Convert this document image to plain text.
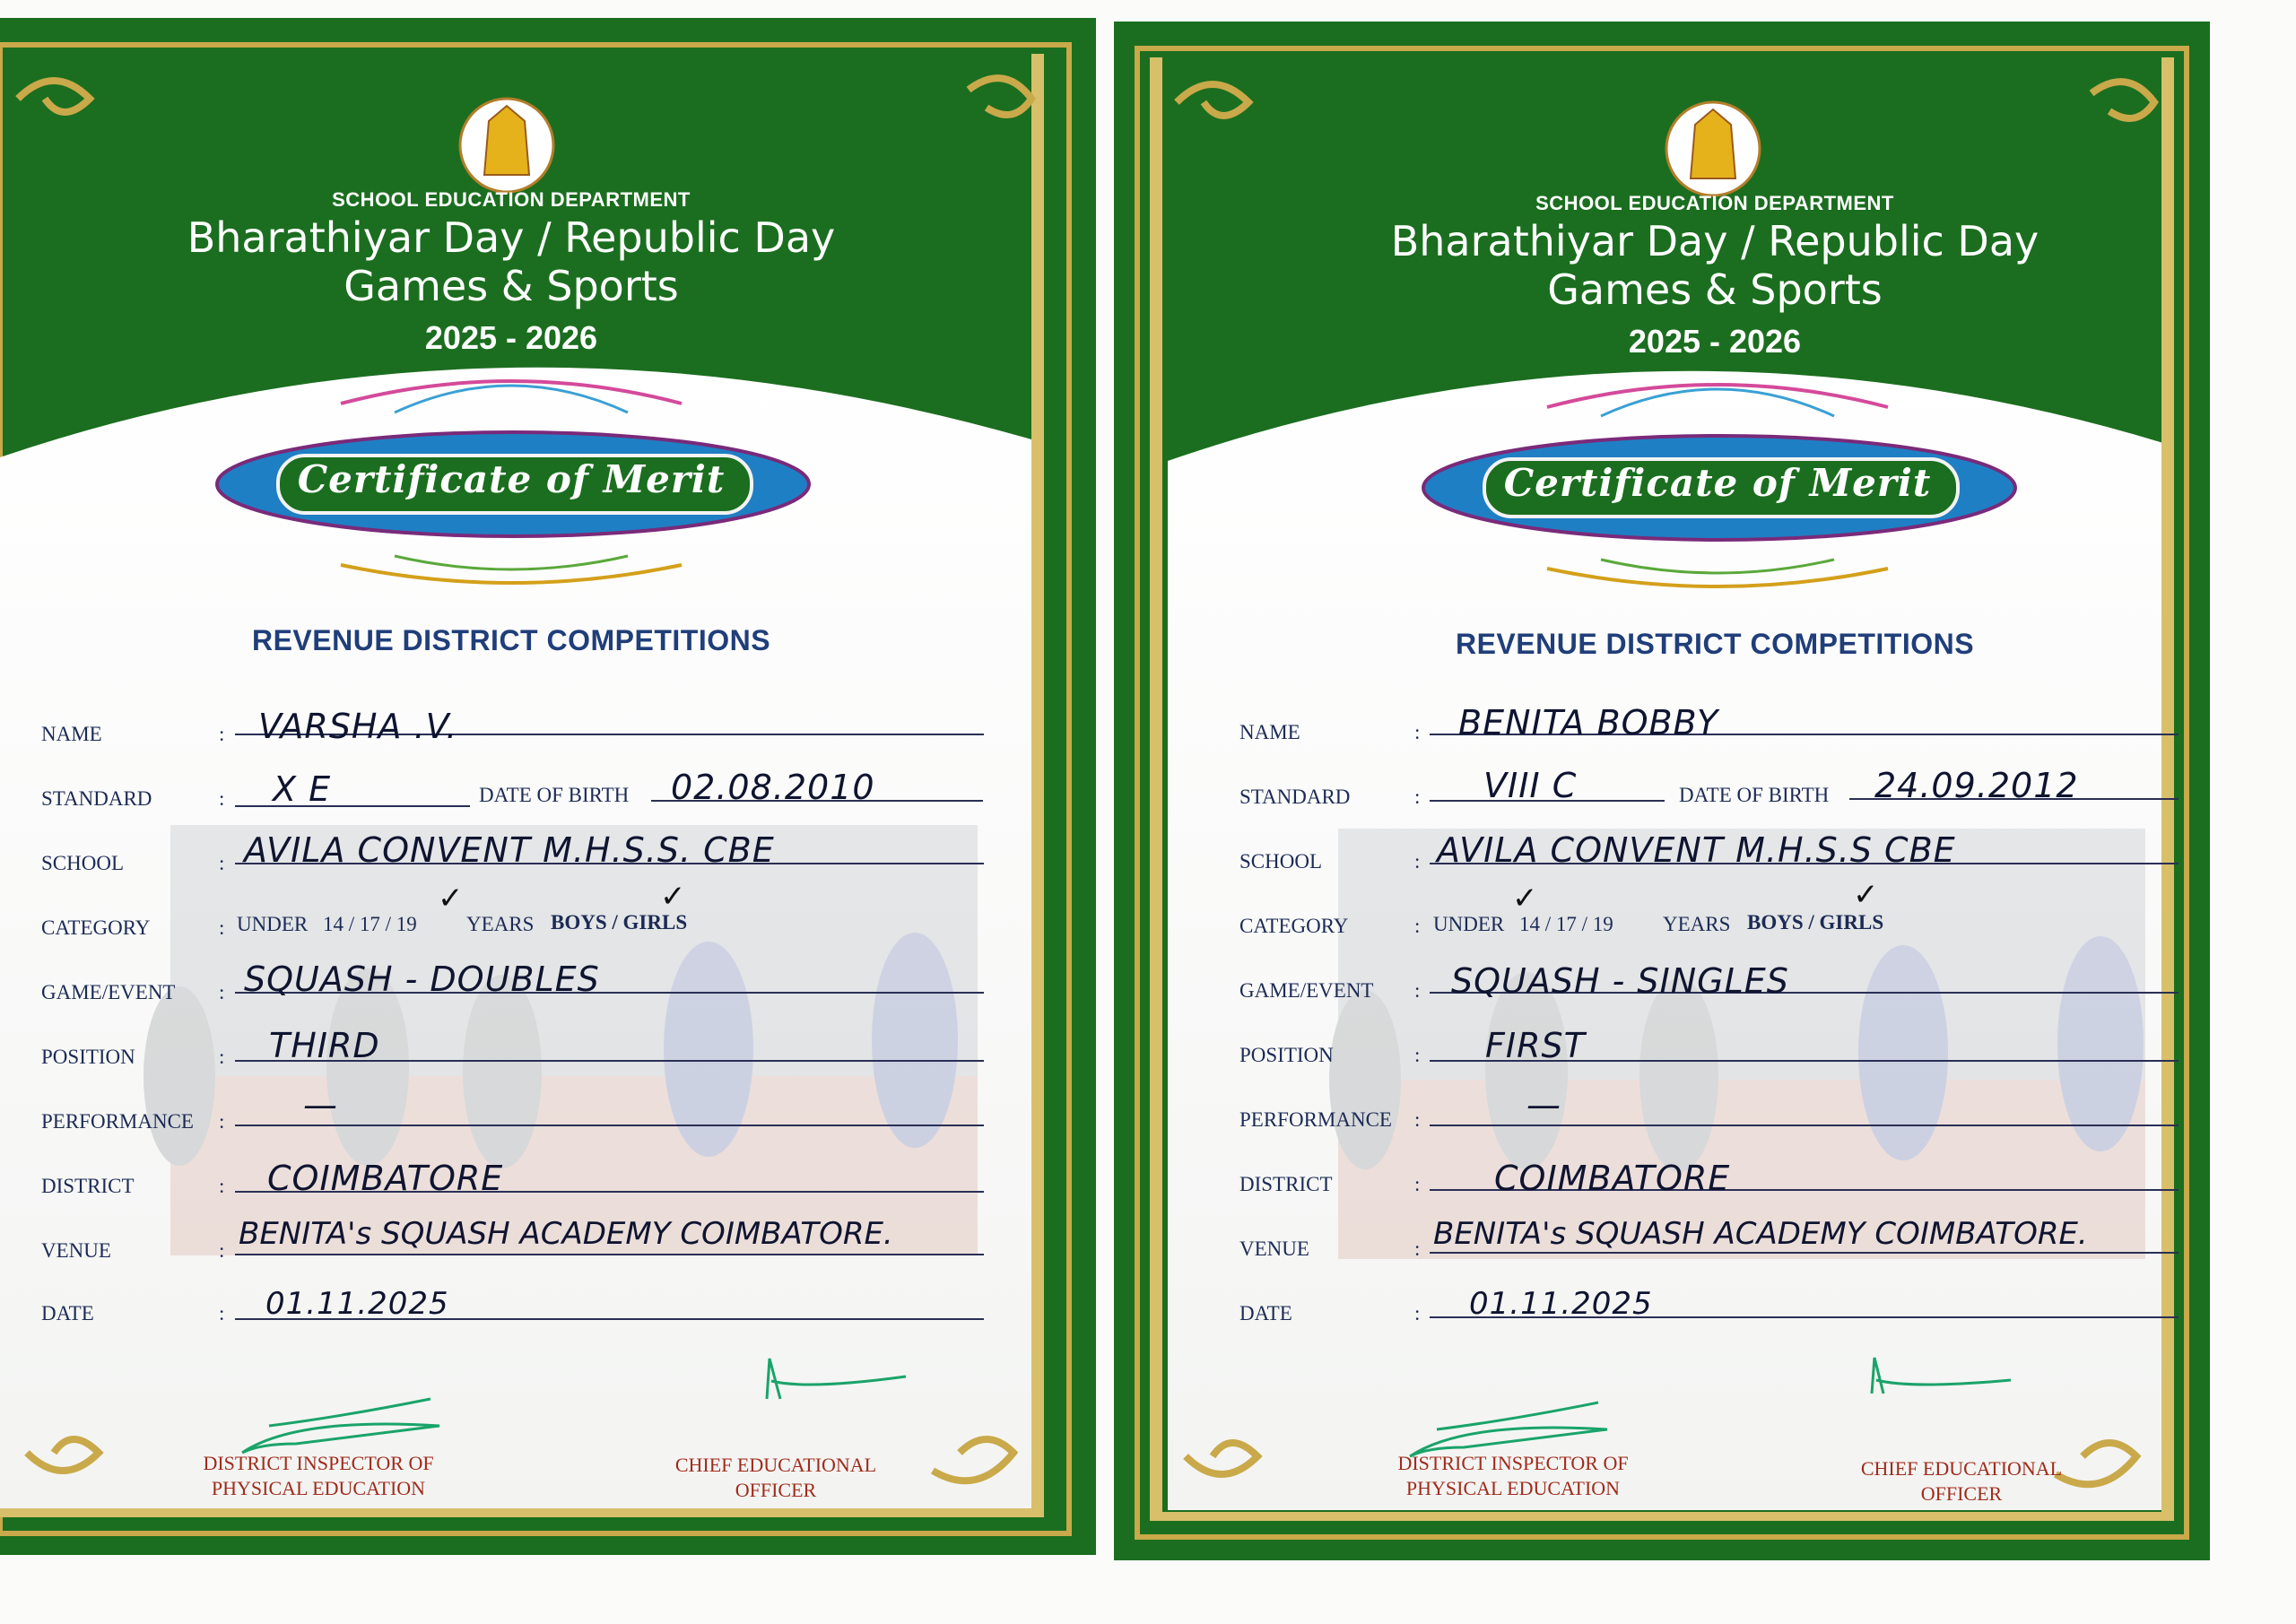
SCHOOL EDUCATION DEPARTMENT
Bharathiyar Day / Republic Day
Games & Sports
2025 - 2026
Certificate of Merit
REVENUE DISTRICT COMPETITIONS
NAME	: VARSHA .V.
STANDARD	: X E	DATE OF BIRTH 02.08.2010
SCHOOL	: AVILA CONVENT M.H.S.S. CBE
CATEGORY	: UNDER 14 / 17 / 19 YEARS BOYS / GIRLS
✓	✓
GAME/EVENT : SQUASH - DOUBLES
POSITION	: THIRD
PERFORMANCE : —
DISTRICT	: COIMBATORE
VENUE	: BENITA's SQUASH ACADEMY COIMBATORE.
DATE	: 01.11.2025
DISTRICT INSPECTOR OF
PHYSICAL EDUCATION
CHIEF EDUCATIONAL
OFFICER
SCHOOL EDUCATION DEPARTMENT
Bharathiyar Day / Republic Day
Games & Sports
2025 - 2026
Certificate of Merit
REVENUE DISTRICT COMPETITIONS
NAME	: BENITA BOBBY
STANDARD	: VIII C	DATE OF BIRTH 24.09.2012
SCHOOL	: AVILA CONVENT M.H.S.S CBE
CATEGORY	: UNDER 14 / 17 / 19 YEARS BOYS / GIRLS
✓	✓
GAME/EVENT : SQUASH - SINGLES
POSITION	: FIRST
PERFORMANCE :	—
DISTRICT	: COIMBATORE
VENUE	: BENITA's SQUASH ACADEMY COIMBATORE.
DATE	: 01.11.2025
DISTRICT INSPECTOR OF
PHYSICAL EDUCATION
CHIEF EDUCATIONAL
OFFICER
